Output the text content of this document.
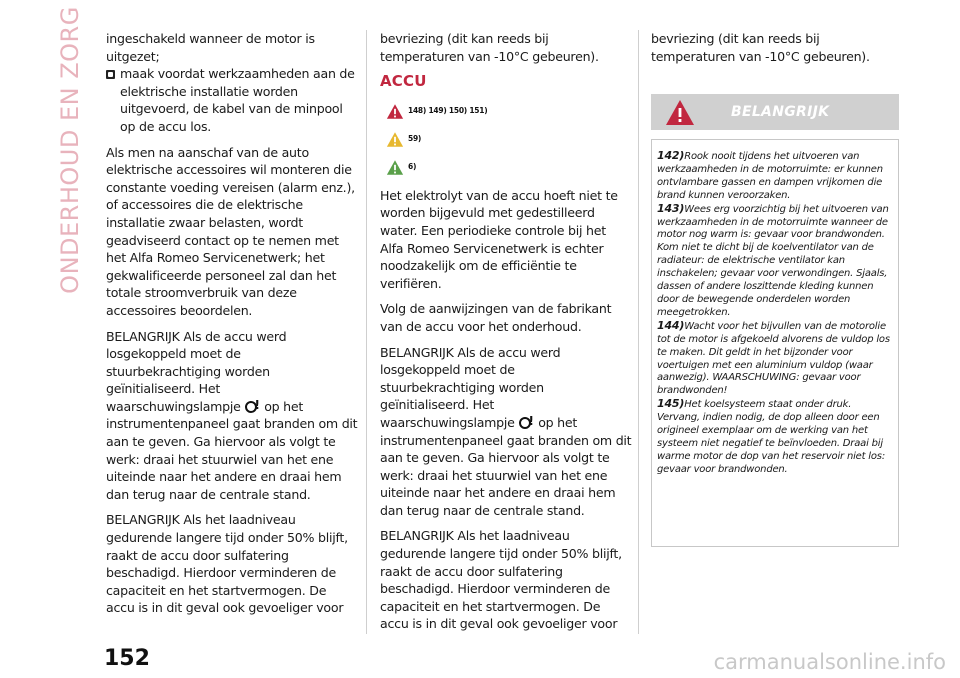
ONDERHOUD EN ZORG ingeschakeld wanneer de motor is uitgezet;
maak voordat werkzaamheden aan de elektrische installatie worden uitgevoerd, de kabel van de minpool op de accu los.
Als men na aanschaf van de auto elektrische accessoires wil monteren die constante voeding vereisen (alarm enz.), of accessoires die de elektrische installatie zwaar belasten, wordt geadviseerd contact op te nemen met het Alfa Romeo Servicenetwerk; het gekwalificeerde personeel zal dan het totale stroomverbruik van deze accessoires beoordelen.
BELANGRIJK Als de accu werd losgekoppeld moet de stuurbekrachtiging worden geïnitialiseerd. Het waarschuwingslampje ! op het instrumentenpaneel gaat branden om dit aan te geven. Ga hiervoor als volgt te werk: draai het stuurwiel van het ene uiteinde naar het andere en draai hem dan terug naar de centrale stand.
BELANGRIJK Als het laadniveau gedurende langere tijd onder 50% blijft, raakt de accu door sulfatering beschadigd. Hierdoor verminderen de capaciteit en het startvermogen. De accu is in dit geval ook gevoeliger voor
bevriezing (dit kan reeds bij temperaturen van -10°C gebeuren).
ACCU
148) 149) 150) 151)
59)
6)
Het elektrolyt van de accu hoeft niet te worden bijgevuld met gedestilleerd water. Een periodieke controle bij het Alfa Romeo Servicenetwerk is echter noodzakelijk om de efficiëntie te verifiëren.
Volg de aanwijzingen van de fabrikant van de accu voor het onderhoud.
BELANGRIJK Als de accu werd losgekoppeld moet de stuurbekrachtiging worden geïnitialiseerd. Het waarschuwingslampje ! op het instrumentenpaneel gaat branden om dit aan te geven. Ga hiervoor als volgt te werk: draai het stuurwiel van het ene uiteinde naar het andere en draai hem dan terug naar de centrale stand.
BELANGRIJK Als het laadniveau gedurende langere tijd onder 50% blijft, raakt de accu door sulfatering beschadigd. Hierdoor verminderen de capaciteit en het startvermogen. De accu is in dit geval ook gevoeliger voor
bevriezing (dit kan reeds bij temperaturen van -10°C gebeuren).
BELANGRIJK
142)Rook nooit tijdens het uitvoeren van werkzaamheden in de motorruimte: er kunnen ontvlambare gassen en dampen vrijkomen die brand kunnen veroorzaken.
143)Wees erg voorzichtig bij het uitvoeren van werkzaamheden in de motorruimte wanneer de motor nog warm is: gevaar voor brandwonden. Kom niet te dicht bij de koelventilator van de radiateur: de elektrische ventilator kan inschakelen; gevaar voor verwondingen. Sjaals, dassen of andere loszittende kleding kunnen door de bewegende onderdelen worden meegetrokken.
144)Wacht voor het bijvullen van de motorolie tot de motor is afgekoeld alvorens de vuldop los te maken. Dit geldt in het bijzonder voor voertuigen met een aluminium vuldop (waar aanwezig). WAARSCHUWING: gevaar voor brandwonden!
145)Het koelsysteem staat onder druk. Vervang, indien nodig, de dop alleen door een origineel exemplaar om de werking van het systeem niet negatief te beïnvloeden. Draai bij warme motor de dop van het reservoir niet los: gevaar voor brandwonden.
152	carmanualsonline.info
